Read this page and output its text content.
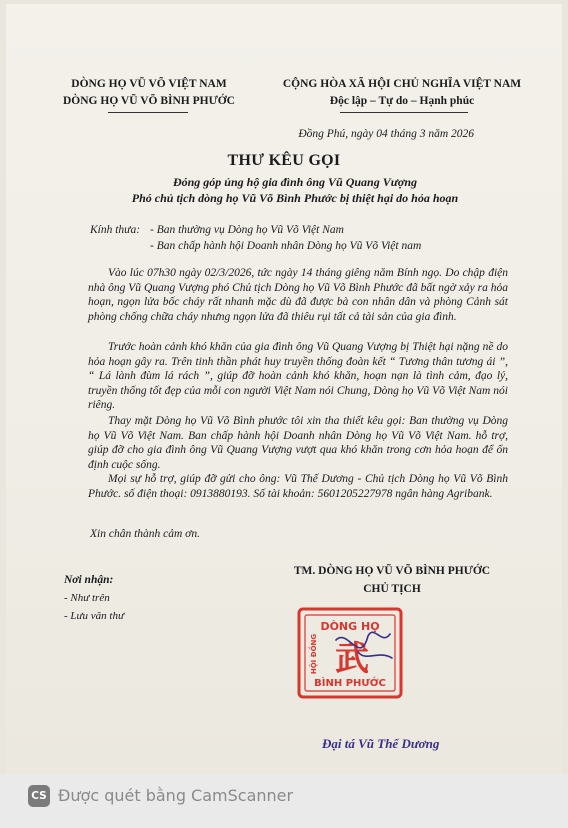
DÒNG HỌ VŨ VÕ VIỆT NAM
DÒNG HỌ VŨ VÕ BÌNH PHƯỚC
CỘNG HÒA XÃ HỘI CHỦ NGHĨA VIỆT NAM
Độc lập – Tự do – Hạnh phúc
Đồng Phú, ngày 04 tháng 3 năm 2026
THƯ KÊU GỌI
Đóng góp ủng hộ gia đình ông Vũ Quang Vượng
Phó chủ tịch dòng họ Vũ Võ Bình Phước bị thiệt hại do hỏa hoạn
Kính thưa: - Ban thường vụ Dòng họ Vũ Võ Việt Nam
- Ban chấp hành hội Doanh nhân Dòng họ Vũ Võ Việt nam
Vào lúc 07h30 ngày 02/3/2026, tức ngày 14 tháng giêng năm Bính ngọ. Do chập điện nhà ông Vũ Quang Vượng phó Chủ tịch Dòng họ Vũ Võ Bình Phước đã bất ngờ xảy ra hỏa hoạn, ngọn lửa bốc cháy rất nhanh mặc dù đã được bà con nhân dân và phòng Cảnh sát phòng chống chữa cháy nhưng ngọn lửa đã thiêu rụi tất cả tài sản của gia đình.
Trước hoàn cảnh khó khăn của gia đình ông Vũ Quang Vượng bị Thiệt hại nặng nề do hỏa hoạn gây ra. Trên tinh thần phát huy truyền thống đoàn kết “ Tương thân tương ái ”, “ Lá lành đùm lá rách ”, giúp đỡ hoàn cảnh khó khăn, hoạn nạn là tình cảm, đạo lý, truyền thống tốt đẹp của mỗi con người Việt Nam nói Chung, Dòng họ Vũ Võ Việt Nam nói riêng.
Thay mặt Dòng họ Vũ Võ Bình phước tôi xin tha thiết kêu gọi: Ban thường vụ Dòng họ Vũ Võ Việt Nam. Ban chấp hành hội Doanh nhân Dòng họ Vũ Võ Việt Nam. hỗ trợ, giúp đỡ cho gia đình ông Vũ Quang Vượng vượt qua khó khăn trong cơn hỏa hoạn để ổn định cuộc sống.
Mọi sự hỗ trợ, giúp đỡ gửi cho ông: Vũ Thế Dương - Chủ tịch Dòng họ Vũ Võ Bình Phước. số điện thoại: 0913880193. Số tài khoản: 5601205227978 ngân hàng Agribank.
Xin chân thành cảm ơn.
Nơi nhận:
- Như trên
- Lưu văn thư
TM. DÒNG HỌ VŨ VÕ BÌNH PHƯỚC
CHỦ TỊCH
DÒNG HỌ
BÌNH PHƯỚC
HỘI ĐỒNG 武
Đại tá Vũ Thế Dương
CS Được quét bằng CamScanner
